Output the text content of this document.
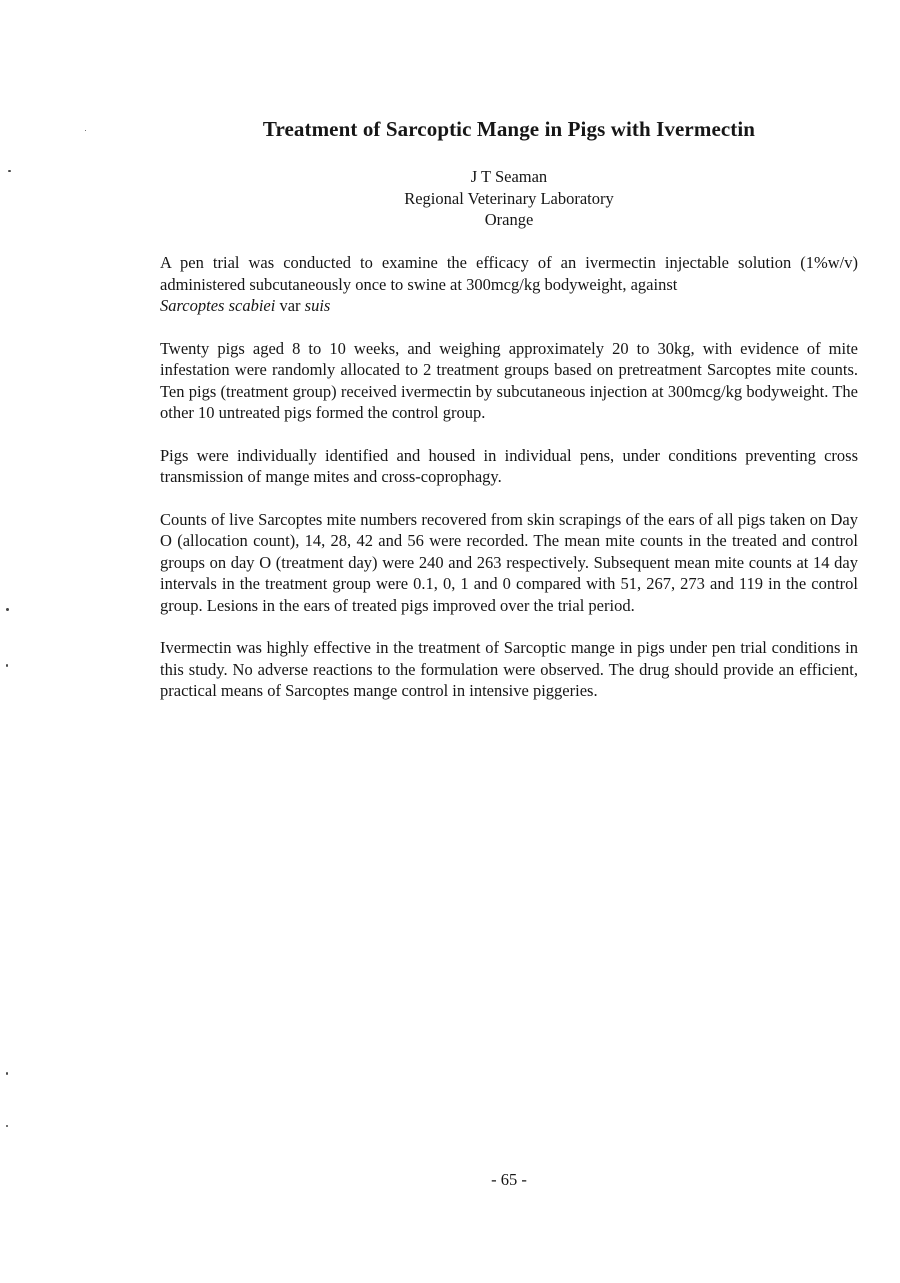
Treatment of Sarcoptic Mange in Pigs with Ivermectin
J T Seaman
Regional Veterinary Laboratory
Orange

A pen trial was conducted to examine the efficacy of an ivermectin injectable solution (1%w/v) administered subcutaneously once to swine at 300mcg/kg bodyweight, against
Sarcoptes scabiei var suis

Twenty pigs aged 8 to 10 weeks, and weighing approximately 20 to 30kg, with evidence of mite infestation were randomly allocated to 2 treatment groups based on pretreatment Sarcoptes mite counts. Ten pigs (treatment group) received ivermectin by subcutaneous injection at 300mcg/kg bodyweight. The other 10 untreated pigs formed the control group.

Pigs were individually identified and housed in individual pens, under conditions preventing cross transmission of mange mites and cross-coprophagy.

Counts of live Sarcoptes mite numbers recovered from skin scrapings of the ears of all pigs taken on Day O (allocation count), 14, 28, 42 and 56 were recorded. The mean mite counts in the treated and control groups on day O (treatment day) were 240 and 263 respectively. Subsequent mean mite counts at 14 day intervals in the treatment group were 0.1, 0, 1 and 0 compared with 51, 267, 273 and 119 in the control group. Lesions in the ears of treated pigs improved over the trial period.

Ivermectin was highly effective in the treatment of Sarcoptic mange in pigs under pen trial conditions in this study. No adverse reactions to the formulation were observed. The drug should provide an efficient, practical means of Sarcoptes mange control in intensive piggeries.

- 65 -
